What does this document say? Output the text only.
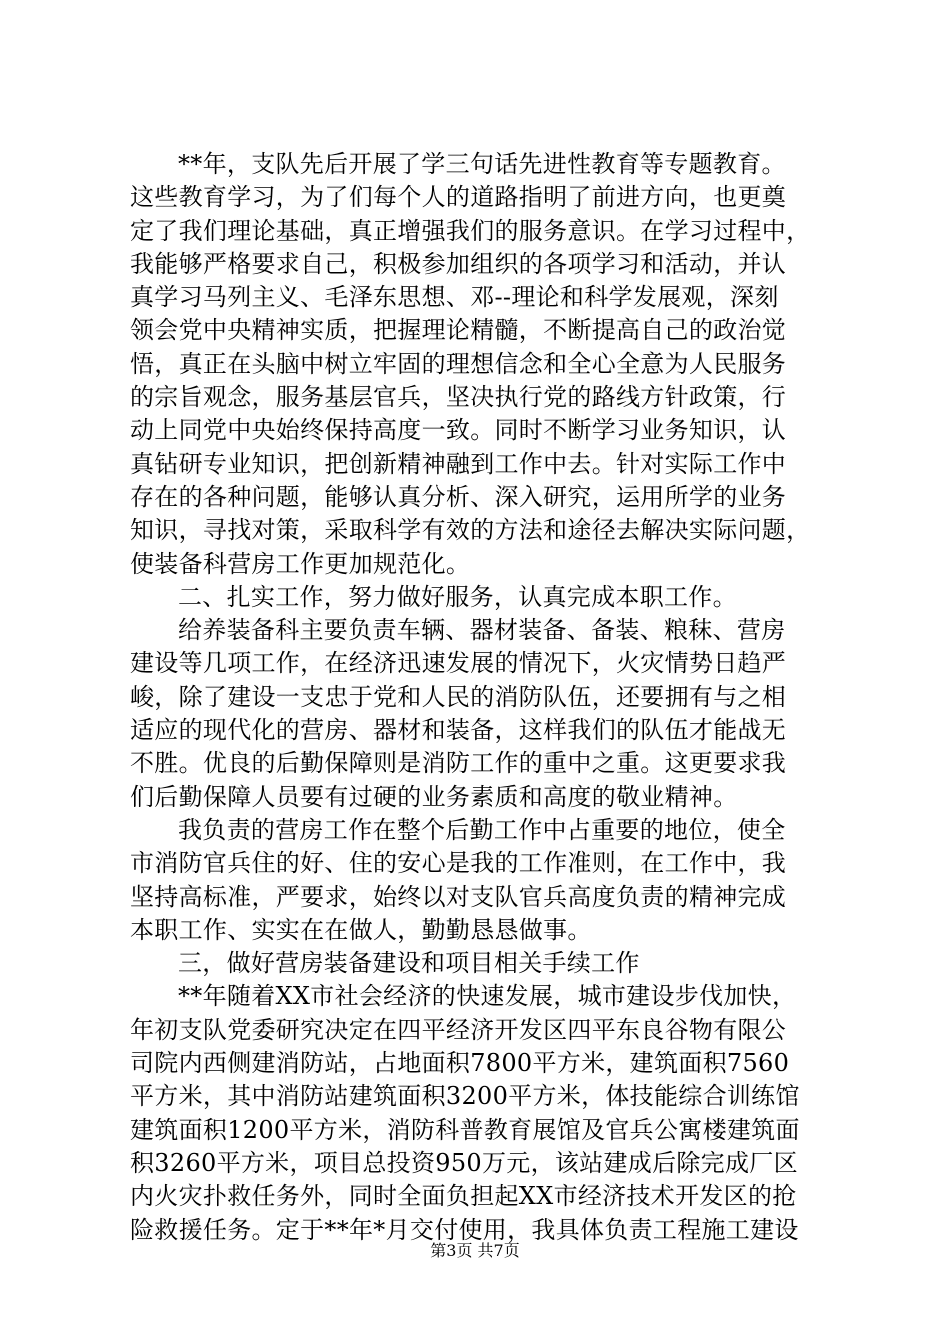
**年，支队先后开展了学三句话先进性教育等专题教育。
这些教育学习，为了们每个人的道路指明了前进方向，也更奠
定了我们理论基础，真正增强我们的服务意识。在学习过程中，
我能够严格要求自己，积极参加组织的各项学习和活动，并认
真学习马列主义、毛泽东思想、邓--理论和科学发展观，深刻
领会党中央精神实质，把握理论精髓，不断提高自己的政治觉
悟，真正在头脑中树立牢固的理想信念和全心全意为人民服务
的宗旨观念，服务基层官兵，坚决执行党的路线方针政策，行
动上同党中央始终保持高度一致。同时不断学习业务知识，认
真钻研专业知识，把创新精神融到工作中去。针对实际工作中
存在的各种问题，能够认真分析、深入研究，运用所学的业务
知识，寻找对策，采取科学有效的方法和途径去解决实际问题，
使装备科营房工作更加规范化。
二、扎实工作，努力做好服务，认真完成本职工作。
给养装备科主要负责车辆、器材装备、备装、粮秣、营房
建设等几项工作，在经济迅速发展的情况下，火灾情势日趋严
峻，除了建设一支忠于党和人民的消防队伍，还要拥有与之相
适应的现代化的营房、器材和装备，这样我们的队伍才能战无
不胜。优良的后勤保障则是消防工作的重中之重。这更要求我
们后勤保障人员要有过硬的业务素质和高度的敬业精神。
我负责的营房工作在整个后勤工作中占重要的地位，使全
市消防官兵住的好、住的安心是我的工作准则，在工作中，我
坚持高标准，严要求，始终以对支队官兵高度负责的精神完成
本职工作、实实在在做人，勤勤恳恳做事。
三，做好营房装备建设和项目相关手续工作
**年随着XX市社会经济的快速发展，城市建设步伐加快，
年初支队党委研究决定在四平经济开发区四平东良谷物有限公
司院内西侧建消防站，占地面积7800平方米，建筑面积7560
平方米，其中消防站建筑面积3200平方米，体技能综合训练馆
建筑面积1200平方米，消防科普教育展馆及官兵公寓楼建筑面
积3260平方米，项目总投资950万元，该站建成后除完成厂区
内火灾扑救任务外，同时全面负担起XX市经济技术开发区的抢
险救援任务。定于**年*月交付使用，我具体负责工程施工建设
第3页 共7页
